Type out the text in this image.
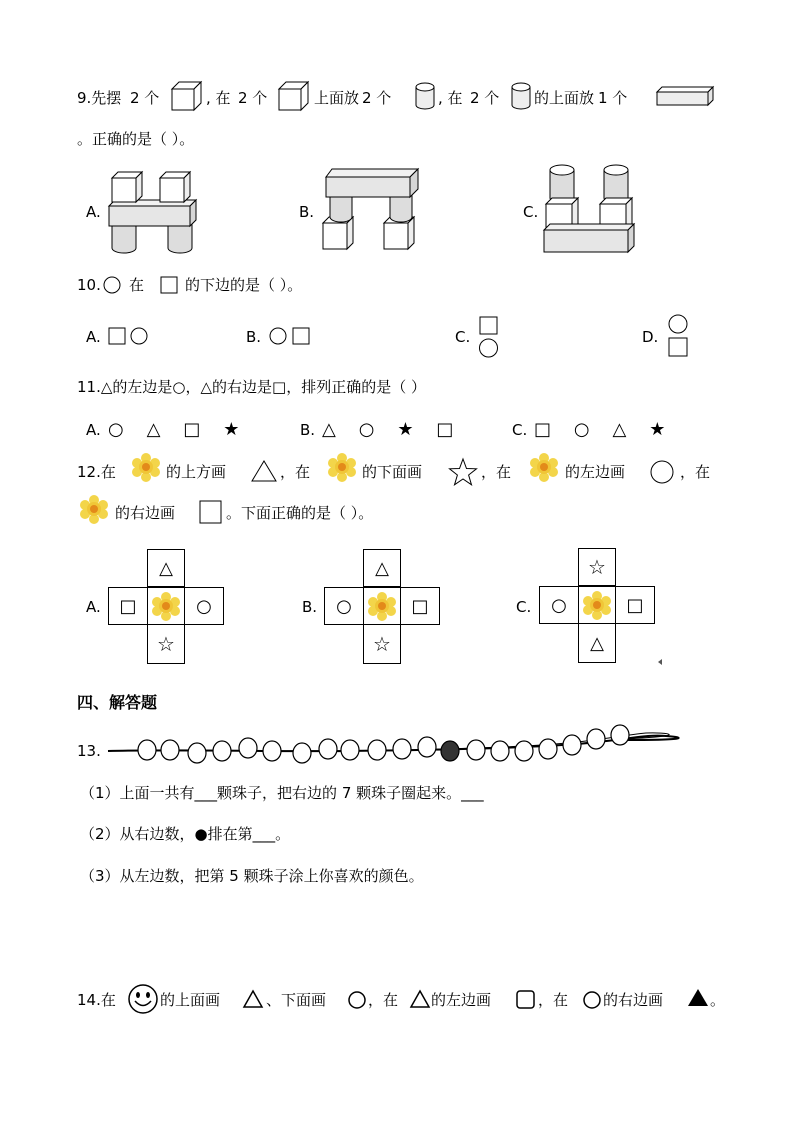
9.先摆 2 个	, 在 2 个	上面放 2 个	, 在 2 个 的上面放 1 个
。正确的是（ ）。
A.	B.	C.
10. 在	的下边的是（ ）。
A.	B.	C.	D.
11.△的左边是○，△的右边是□，排列正确的是（ ）
A. ○    △    □    ★	B. △    ○    ★    □	C. □    ○    △    ★
12.在	的上方画	，在	的下面画	，在	的左边画	，在
的右边画	。下面正确的是（ ）。
A.
△
□	○
☆
B.
△
○	□
☆
C.
☆
○	□
△
四、解答题
13.
（1）上面一共有___颗珠子，把右边的 7 颗珠子圈起来。___
（2）从右边数，●排在第___。
（3）从左边数，把第 5 颗珠子涂上你喜欢的颜色。
14.在	的上面画	、下面画	，在 的左边画	，在 的右边画	。
